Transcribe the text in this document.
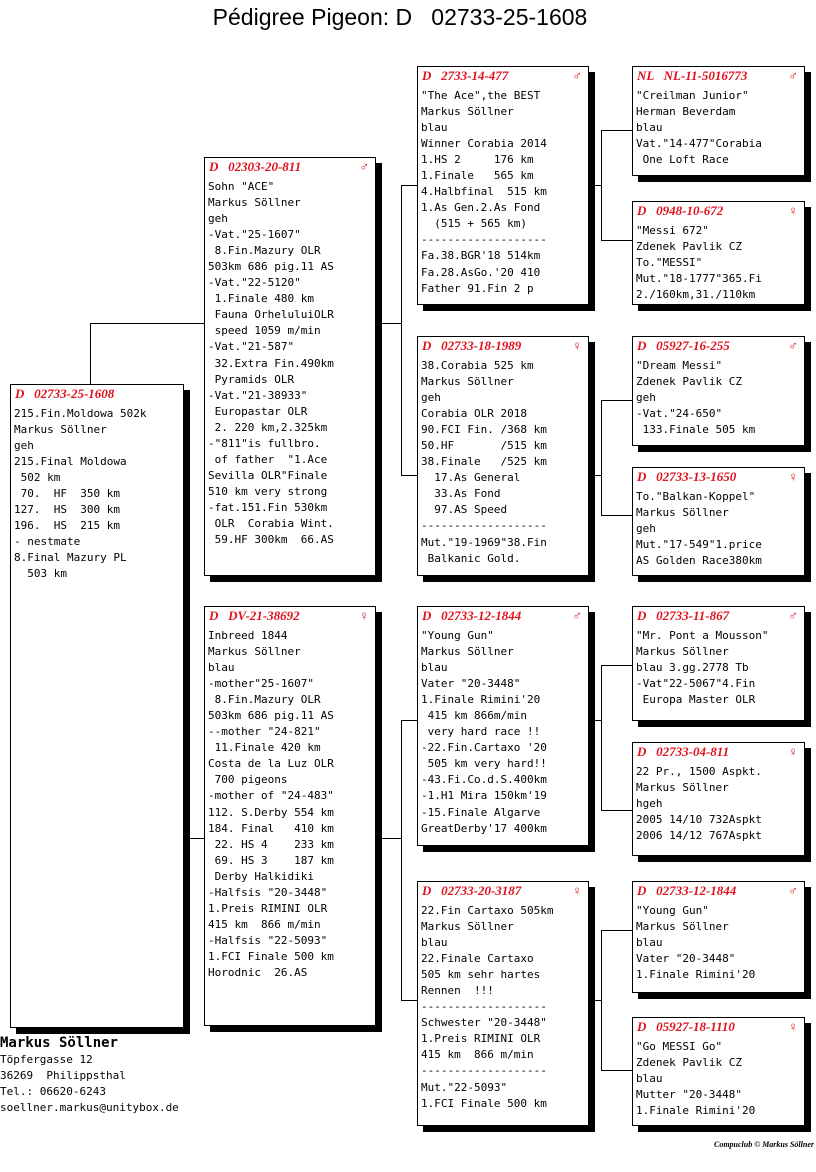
Pédigree Pigeon: D   02733-25-1608
D 02733-25-1608
215.Fin.Moldowa 502k
Markus Söllner
geh
215.Final Moldowa
502 km
70.  HF  350 km
127.  HS  300 km
196.  HS  215 km
- nestmate
8.Final Mazury PL
503 km
D 02303-20-811	♂
Sohn "ACE"
Markus Söllner
geh
-Vat."25-1607"
8.Fin.Mazury OLR
503km 686 pig.11 AS
-Vat."22-5120"
1.Finale 480 km
Fauna OrheluluiOLR
speed 1059 m/min
-Vat."21-587"
32.Extra Fin.490km
Pyramids OLR
-Vat."21-38933"
Europastar OLR
2. 220 km,2.325km
-"811"is fullbro.
of father  "1.Ace
Sevilla OLR"Finale
510 km very strong
-fat.151.Fin 530km
OLR  Corabia Wint.
59.HF 300km  66.AS
D DV-21-38692	♀
Inbreed 1844
Markus Söllner
blau
-mother"25-1607"
8.Fin.Mazury OLR
503km 686 pig.11 AS
--mother "24-821"
11.Finale 420 km
Costa de la Luz OLR
700 pigeons
-mother of "24-483"
112. S.Derby 554 km
184. Final   410 km
22. HS 4    233 km
69. HS 3    187 km
Derby Halkidiki
-Halfsis "20-3448"
1.Preis RIMINI OLR
415 km  866 m/min
-Halfsis "22-5093"
1.FCI Finale 500 km
Horodnic  26.AS
D 2733-14-477	♂
"The Ace",the BEST
Markus Söllner
blau
Winner Corabia 2014
1.HS 2     176 km
1.Finale   565 km
4.Halbfinal  515 km
1.As Gen.2.As Fond
(515 + 565 km)
-------------------
Fa.38.BGR'18 514km
Fa.28.AsGo.'20 410
Father 91.Fin 2 p
D 02733-18-1989	♀
38.Corabia 525 km
Markus Söllner
geh
Corabia OLR 2018
90.FCI Fin. /368 km
50.HF       /515 km
38.Finale   /525 km
17.As General
33.As Fond
97.AS Speed
-------------------
Mut."19-1969"38.Fin
Balkanic Gold.
D 02733-12-1844	♂
"Young Gun"
Markus Söllner
blau
Vater "20-3448"
1.Finale Rimini'20
415 km 866m/min
very hard race !!
-22.Fin.Cartaxo '20
505 km very hard!!
-43.Fi.Co.d.S.400km
-1.H1 Mira 150km'19
-15.Finale Algarve
GreatDerby'17 400km
D 02733-20-3187	♀
22.Fin Cartaxo 505km
Markus Söllner
blau
22.Finale Cartaxo
505 km sehr hartes
Rennen  !!!
-------------------
Schwester "20-3448"
1.Preis RIMINI OLR
415 km  866 m/min
-------------------
Mut."22-5093"
1.FCI Finale 500 km
NL NL-11-5016773	♂
"Creilman Junior"
Herman Beverdam
blau
Vat."14-477"Corabia
One Loft Race
D 0948-10-672	♀
"Messi 672"
Zdenek Pavlik CZ
To."MESSI"
Mut."18-1777"365.Fi
2./160km,31./110km
D 05927-16-255	♂
"Dream Messi"
Zdenek Pavlik CZ
geh
-Vat."24-650"
133.Finale 505 km
D 02733-13-1650	♀
To."Balkan-Koppel"
Markus Söllner
geh
Mut."17-549"1.price
AS Golden Race380km
D 02733-11-867	♂
"Mr. Pont a Mousson"
Markus Söllner
blau 3.gg.2778 Tb
-Vat"22-5067"4.Fin
Europa Master OLR
D 02733-04-811	♀
22 Pr., 1500 Aspkt.
Markus Söllner
hgeh
2005 14/10 732Aspkt
2006 14/12 767Aspkt
D 02733-12-1844	♂
"Young Gun"
Markus Söllner
blau
Vater "20-3448"
1.Finale Rimini'20
D 05927-18-1110	♀
"Go MESSI Go"
Zdenek Pavlik CZ
blau
Mutter "20-3448"
1.Finale Rimini'20
Markus Söllner
Töpfergasse 12
36269  Philippsthal
Tel.: 06620-6243
soellner.markus@unitybox.de
Compuclub © Markus Söllner
